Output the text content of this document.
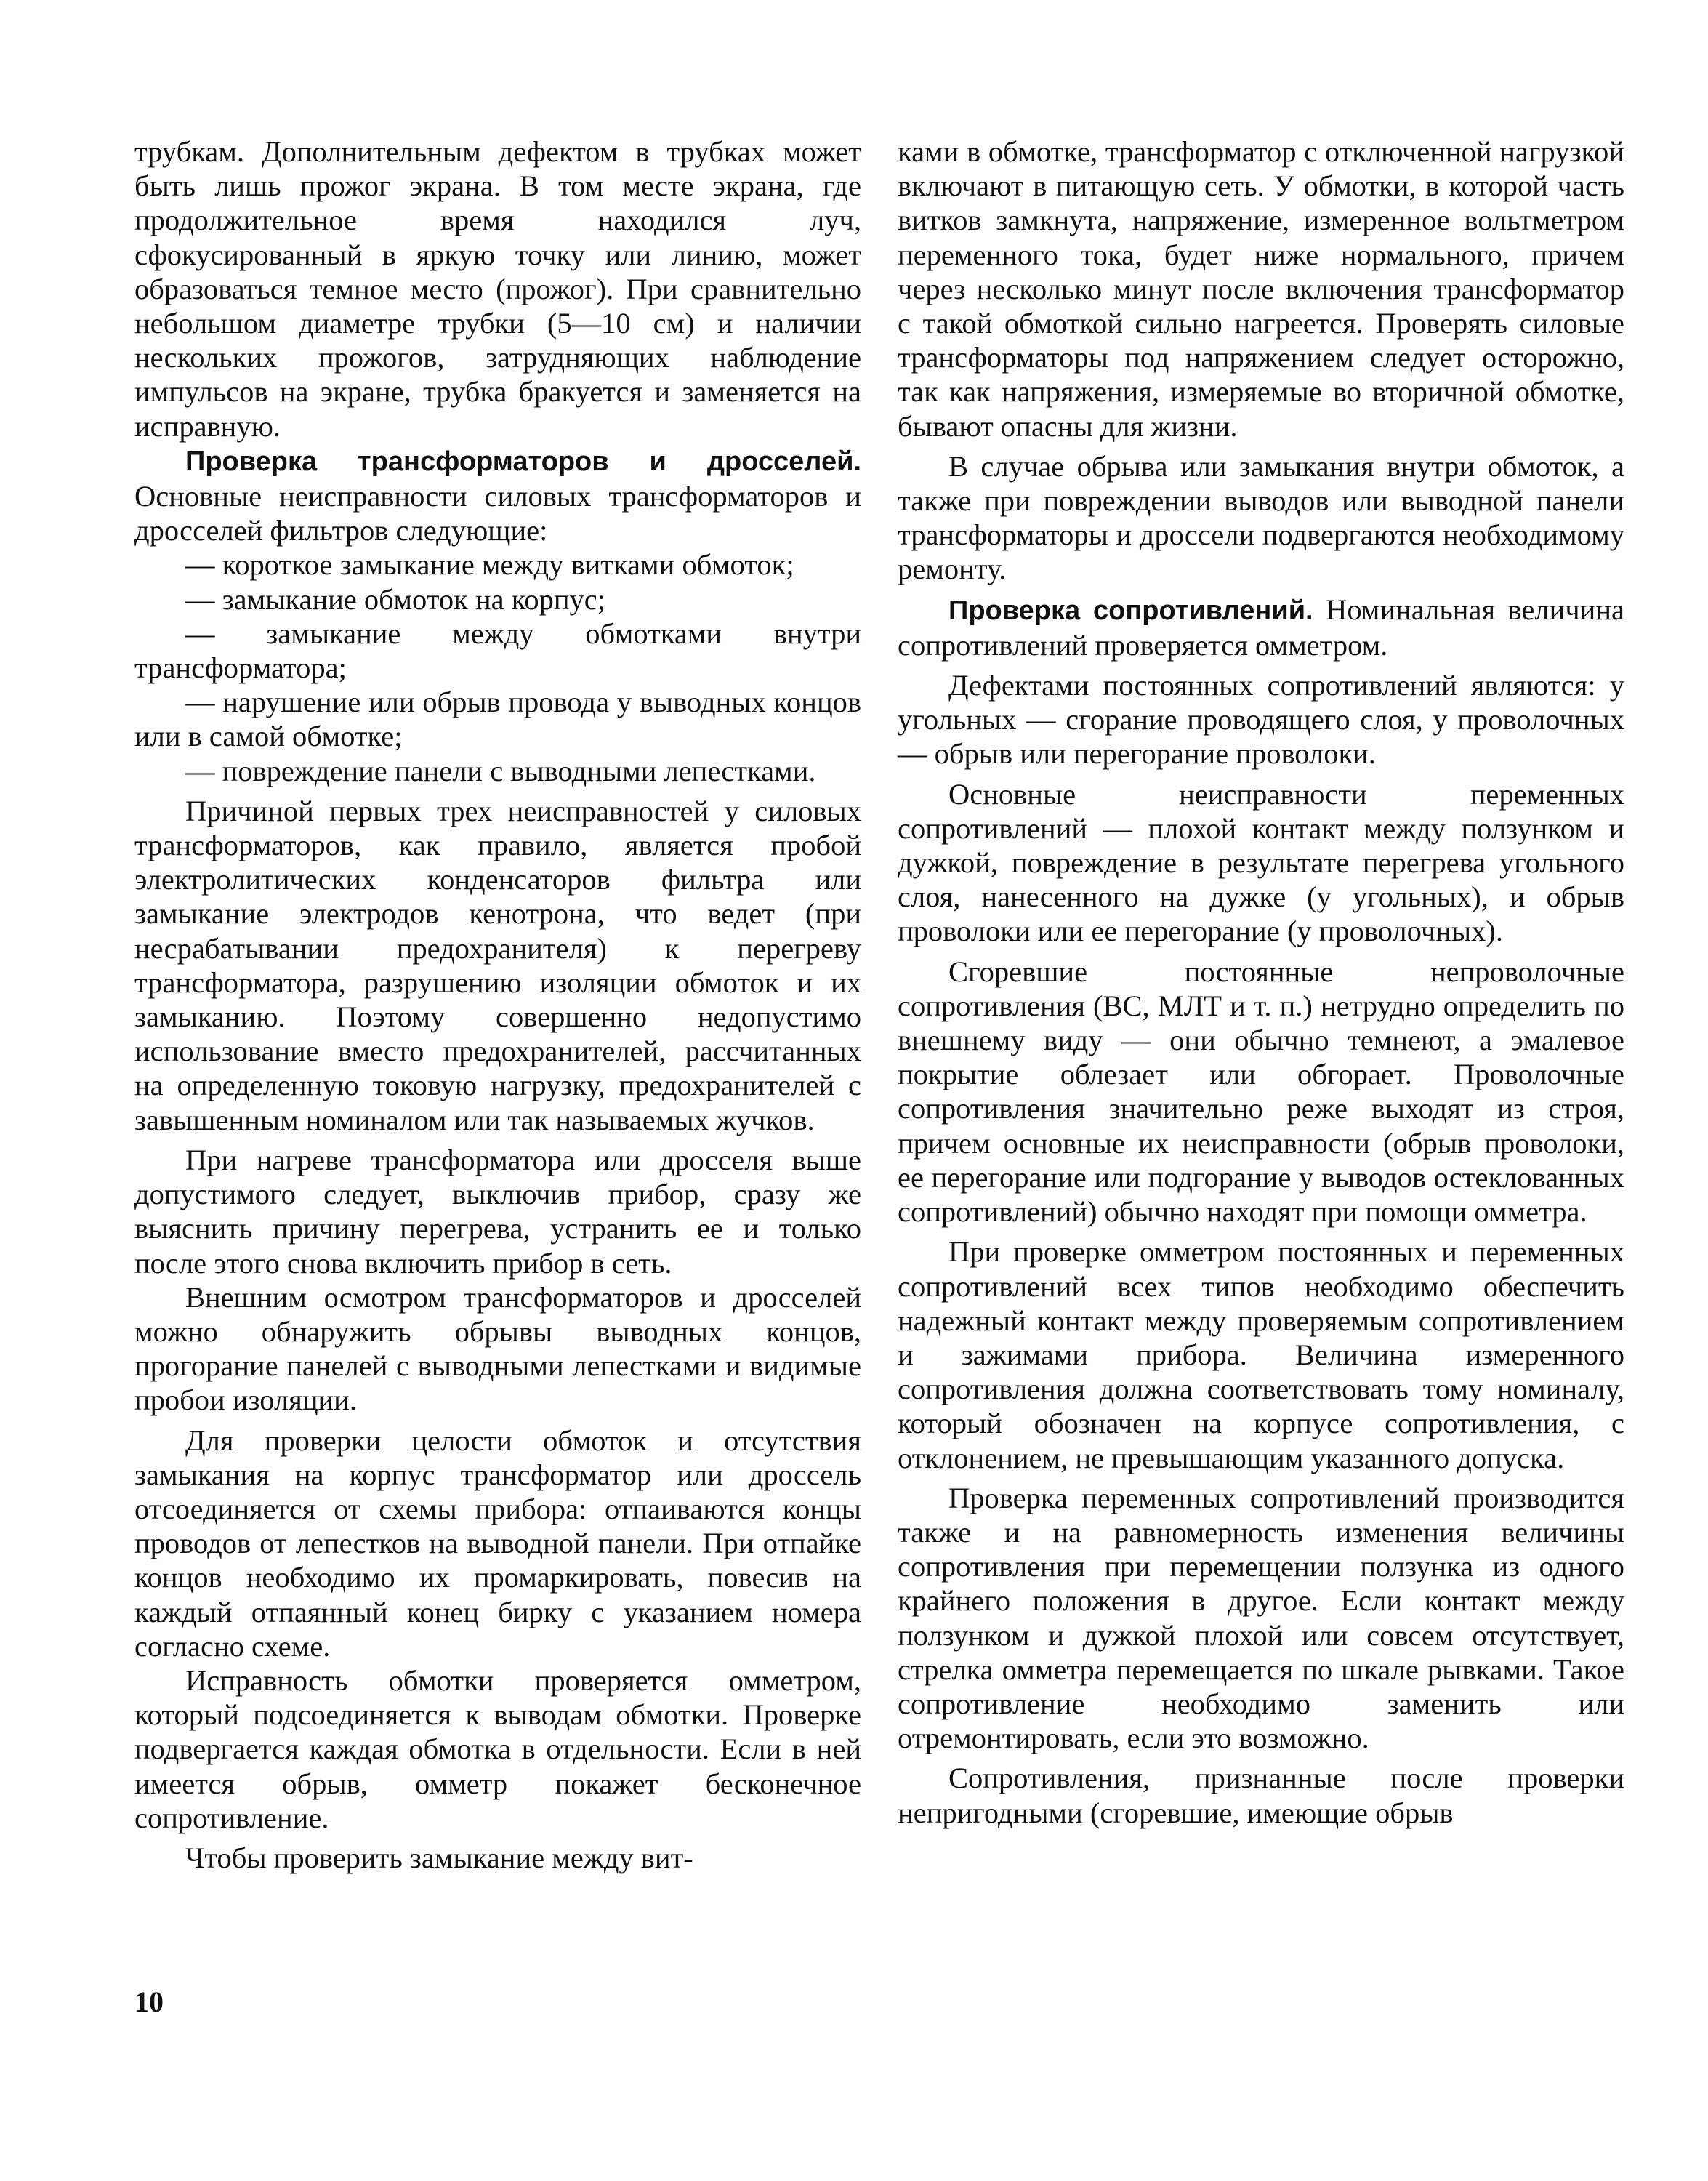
трубкам. Дополнительным дефектом в трубках может быть лишь прожог экрана. В том месте экрана, где продолжительное время находился луч, сфокусированный в яркую точку или линию, может образоваться темное место (прожог). При сравнительно небольшом диаметре трубки (5—10 см) и наличии нескольких прожогов, затрудняющих наблюдение импульсов на экране, трубка бракуется и заменяется на исправную.

Проверка трансформаторов и дросселей. Основные неисправности силовых трансформаторов и дросселей фильтров следующие:

— короткое замыкание между витками обмоток;

— замыкание обмоток на корпус;

— замыкание между обмотками внутри трансформатора;

— нарушение или обрыв провода у выводных концов или в самой обмотке;

— повреждение панели с выводными лепестками.

Причиной первых трех неисправностей у силовых трансформаторов, как правило, является пробой электролитических конденсаторов фильтра или замыкание электродов кенотрона, что ведет (при несрабатывании предохранителя) к перегреву трансформатора, разрушению изоляции обмоток и их замыканию. Поэтому совершенно недопустимо использование вместо предохранителей, рассчитанных на определенную токовую нагрузку, предохранителей с завышенным номиналом или так называемых жучков.

При нагреве трансформатора или дросселя выше допустимого следует, выключив прибор, сразу же выяснить причину перегрева, устранить ее и только после этого снова включить прибор в сеть.

Внешним осмотром трансформаторов и дросселей можно обнаружить обрывы выводных концов, прогорание панелей с выводными лепестками и видимые пробои изоляции.

Для проверки целости обмоток и отсутствия замыкания на корпус трансформатор или дроссель отсоединяется от схемы прибора: отпаиваются концы проводов от лепестков на выводной панели. При отпайке концов необходимо их промаркировать, повесив на каждый отпаянный конец бирку с указанием номера согласно схеме.

Исправность обмотки проверяется омметром, который подсоединяется к выводам обмотки. Проверке подвергается каждая обмотка в отдельности. Если в ней имеется обрыв, омметр покажет бесконечное сопротивление.

Чтобы проверить замыкание между вит-

ками в обмотке, трансформатор с отключенной нагрузкой включают в питающую сеть. У обмотки, в которой часть витков замкнута, напряжение, измеренное вольтметром переменного тока, будет ниже нормального, причем через несколько минут после включения трансформатор с такой обмоткой сильно нагреется. Проверять силовые трансформаторы под напряжением следует осторожно, так как напряжения, измеряемые во вторичной обмотке, бывают опасны для жизни.

В случае обрыва или замыкания внутри обмоток, а также при повреждении выводов или выводной панели трансформаторы и дроссели подвергаются необходимому ремонту.

Проверка сопротивлений. Номинальная величина сопротивлений проверяется омметром.

Дефектами постоянных сопротивлений являются: у угольных — сгорание проводящего слоя, у проволочных — обрыв или перегорание проволоки.

Основные неисправности переменных сопротивлений — плохой контакт между ползунком и дужкой, повреждение в результате перегрева угольного слоя, нанесенного на дужке (у угольных), и обрыв проволоки или ее перегорание (у проволочных).

Сгоревшие постоянные непроволочные сопротивления (ВС, МЛТ и т. п.) нетрудно определить по внешнему виду — они обычно темнеют, а эмалевое покрытие облезает или обгорает. Проволочные сопротивления значительно реже выходят из строя, причем основные их неисправности (обрыв проволоки, ее перегорание или подгорание у выводов остеклованных сопротивлений) обычно находят при помощи омметра.

При проверке омметром постоянных и переменных сопротивлений всех типов необходимо обеспечить надежный контакт между проверяемым сопротивлением и зажимами прибора. Величина измеренного сопротивления должна соответствовать тому номиналу, который обозначен на корпусе сопротивления, с отклонением, не превышающим указанного допуска.

Проверка переменных сопротивлений производится также и на равномерность изменения величины сопротивления при перемещении ползунка из одного крайнего положения в другое. Если контакт между ползунком и дужкой плохой или совсем отсутствует, стрелка омметра перемещается по шкале рывками. Такое сопротивление необходимо заменить или отремонтировать, если это возможно.

Сопротивления, признанные после проверки непригодными (сгоревшие, имеющие обрыв

10
